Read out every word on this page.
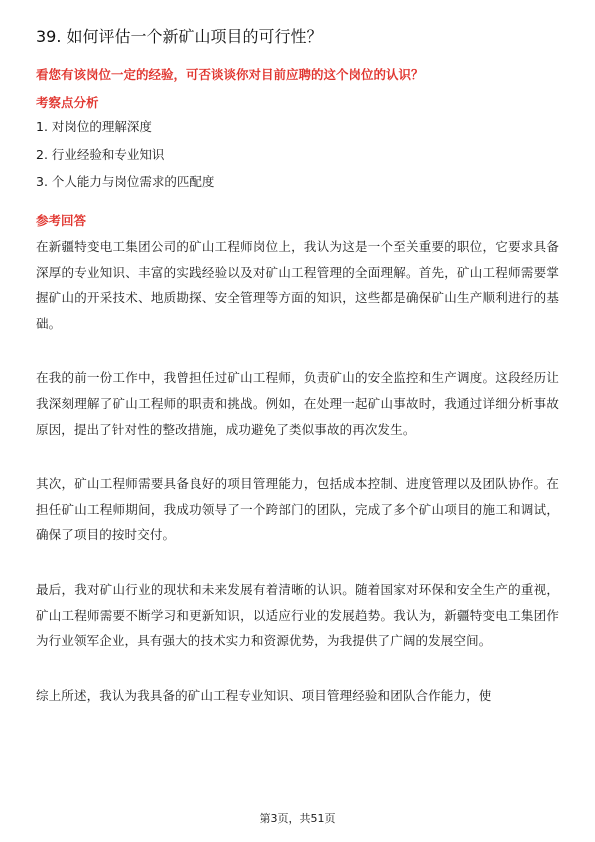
39. 如何评估一个新矿山项目的可行性？
看您有该岗位一定的经验，可否谈谈你对目前应聘的这个岗位的认识？
考察点分析
1. 对岗位的理解深度
2. 行业经验和专业知识
3. 个人能力与岗位需求的匹配度
参考回答

在新疆特变电工集团公司的矿山工程师岗位上，我认为这是一个至关重要的职位，它要求具备深厚的专业知识、丰富的实践经验以及对矿山工程管理的全面理解。首先，矿山工程师需要掌握矿山的开采技术、地质勘探、安全管理等方面的知识，这些都是确保矿山生产顺利进行的基础。

在我的前一份工作中，我曾担任过矿山工程师，负责矿山的安全监控和生产调度。这段经历让我深刻理解了矿山工程师的职责和挑战。例如，在处理一起矿山事故时，我通过详细分析事故原因，提出了针对性的整改措施，成功避免了类似事故的再次发生。

其次，矿山工程师需要具备良好的项目管理能力，包括成本控制、进度管理以及团队协作。在担任矿山工程师期间，我成功领导了一个跨部门的团队，完成了多个矿山项目的施工和调试，确保了项目的按时交付。

最后，我对矿山行业的现状和未来发展有着清晰的认识。随着国家对环保和安全生产的重视，矿山工程师需要不断学习和更新知识，以适应行业的发展趋势。我认为，新疆特变电工集团作为行业领军企业，具有强大的技术实力和资源优势，为我提供了广阔的发展空间。

综上所述，我认为我具备的矿山工程专业知识、项目管理经验和团队合作能力，使

第3页，共51页
